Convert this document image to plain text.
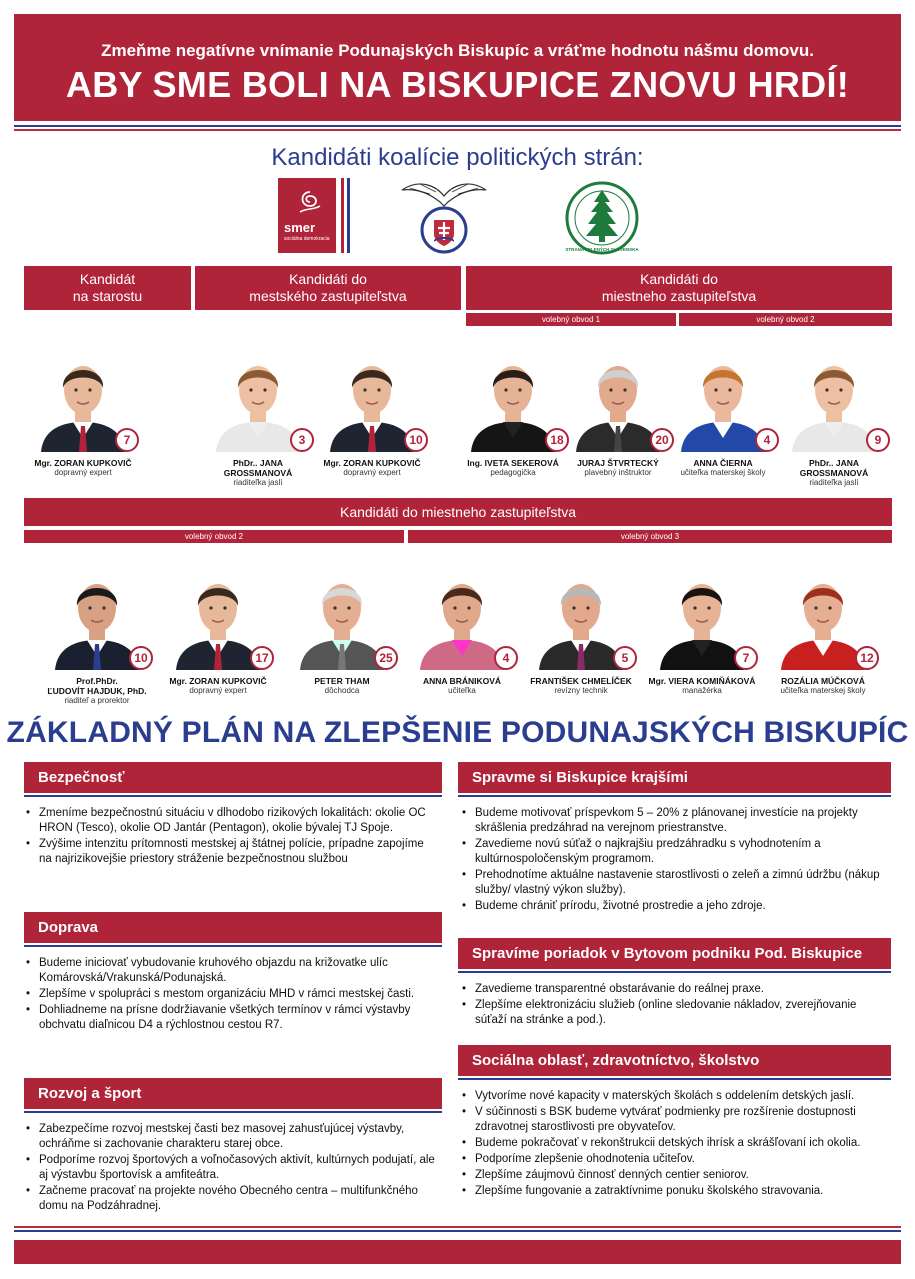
Zmeňme negatívne vnímanie Podunajských Biskupíc a vráťme hodnotu nášmu domovu.
ABY SME BOLI NA BISKUPICE ZNOVU HRDÍ!
Kandidáti koalície politických strán:
smer
sociálna demokracia
STRANA ZELENÝCH SLOVENSKA
Kandidát
na starostu
Kandidáti do
mestského zastupiteľstva
Kandidáti do
miestneho zastupiteľstva
volebný obvod 1	volebný obvod 2
7
Mgr. ZORAN KUPKOVIČ
dopravný expert
3
PhDr.. JANA GROSSMANOVÁ
riaditeľka jaslí
10
Mgr. ZORAN KUPKOVIČ
dopravný expert
18
Ing. IVETA SEKEROVÁ
pedagogička
20
JURAJ ŠTVRTECKÝ
plavebný inštruktor
4
ANNA ČIERNA
učiteľka materskej školy
9
PhDr.. JANA GROSSMANOVÁ
riaditeľka jaslí
Kandidáti do miestneho zastupiteľstva
volebný obvod 2	volebný obvod 3
10
Prof.PhDr.
ĽUDOVÍT HAJDUK, PhD.
riaditeľ a prorektor
17
Mgr. ZORAN KUPKOVIČ
dopravný expert
25
PETER THAM
dôchodca
4
ANNA BRÁNIKOVÁ
učiteľka
5
FRANTIŠEK CHMELÍČEK
revízny technik
7
Mgr. VIERA KOMIŇÁKOVÁ
manažérka
12
ROZÁLIA MÚČKOVÁ
učiteľka materskej školy
ZÁKLADNÝ PLÁN NA ZLEPŠENIE PODUNAJSKÝCH BISKUPÍC
Bezpečnosť
• Zmeníme bezpečnostnú situáciu v dlhodobo rizikových lokalitách: okolie OC HRON (Tesco), okolie OD Jantár (Pentagon), okolie bývalej TJ Spoje.
• Zvýšime intenzitu prítomnosti mestskej aj štátnej polície, prípadne zapojíme na najrizikovejšie priestory stráženie bezpečnostnou službou
Doprava
• Budeme iniciovať vybudovanie kruhového objazdu na križovatke ulíc Komárovská/Vrakunská/Podunajská.
• Zlepšíme v spolupráci s mestom organizáciu MHD v rámci mestskej časti.
• Dohliadneme na prísne dodržiavanie všetkých termínov v rámci výstavby obchvatu diaľnicou D4 a rýchlostnou cestou R7.
Rozvoj a šport
• Zabezpečíme rozvoj mestskej časti bez masovej zahusťujúcej výstavby, ochráňme si zachovanie charakteru starej obce.
• Podporíme rozvoj športových a voľnočasových aktivít, kultúrnych podujatí, ale aj výstavbu športovísk a amfiteátra.
• Začneme pracovať na projekte nového Obecného centra – multifunkčného domu na Podzáhradnej.
Spravme si Biskupice krajšími
• Budeme motivovať príspevkom 5 – 20% z plánovanej investície na projekty skrášlenia predzáhrad na verejnom priestranstve.
• Zavedieme novú súťaž o najkrajšiu predzáhradku s vyhodnotením a kultúrnospoločenským programom.
• Prehodnotíme aktuálne nastavenie starostlivosti o zeleň a zimnú údržbu (nákup služby/ vlastný výkon služby).
• Budeme chrániť prírodu, životné prostredie a jeho zdroje.
Spravíme poriadok v Bytovom podniku Pod. Biskupice
• Zavedieme transparentné obstarávanie do reálnej praxe.
• Zlepšíme elektronizáciu služieb (online sledovanie nákladov, zverejňovanie súťaží na stránke a pod.).
Sociálna oblasť, zdravotníctvo, školstvo
• Vytvoríme nové kapacity v materských školách s oddelením detských jaslí.
• V súčinnosti s BSK budeme vytvárať podmienky pre rozšírenie dostupnosti zdravotnej starostlivosti pre obyvateľov.
• Budeme pokračovať v rekonštrukcii detských ihrísk a skrášľovaní ich okolia.
• Podporíme zlepšenie ohodnotenia učiteľov.
• Zlepšíme záujmovú činnosť denných centier seniorov.
• Zlepšíme fungovanie a zatraktívnime ponuku školského stravovania.
